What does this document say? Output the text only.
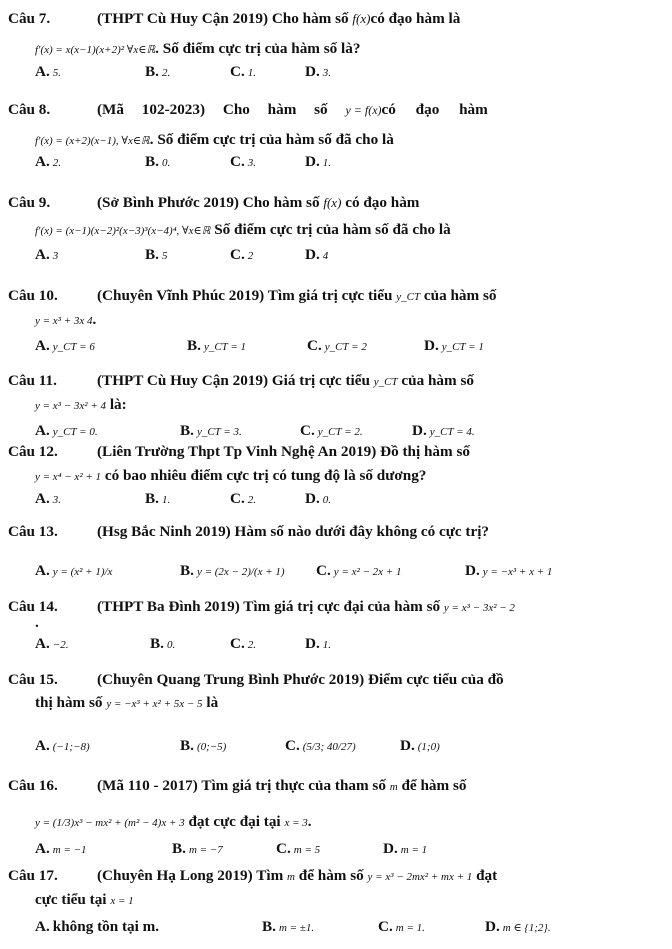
Câu 7.	(THPT Cù Huy Cận 2019) Cho hàm số f(x)có đạo hàm là
f′(x) = x(x−1)(x+2)² ∀x∈ℝ. Số điểm cực trị của hàm số là?
A. 5.	B. 2.	C. 1.	D. 3.
Câu 8.	(Mã 102-2023) Cho hàm số y = f(x)có đạo hàm
f′(x) = (x+2)(x−1), ∀x∈ℝ. Số điểm cực trị của hàm số đã cho là
A. 2.	B. 0.	C. 3.	D. 1.
Câu 9.	(Sở Bình Phước 2019) Cho hàm số f(x) có đạo hàm
f′(x) = (x−1)(x−2)²(x−3)³(x−4)⁴, ∀x∈ℝ Số điểm cực trị của hàm số đã cho là
A. 3	B. 5	C. 2	D. 4
Câu 10.	(Chuyên Vĩnh Phúc 2019) Tìm giá trị cực tiểu y_CT của hàm số
y = x³ + 3x 4.
A. y_CT = 6	B. y_CT = 1	C. y_CT = 2	D. y_CT = 1
Câu 11.	(THPT Cù Huy Cận 2019) Giá trị cực tiểu y_CT của hàm số
y = x³ − 3x² + 4 là:
A. y_CT = 0.	B. y_CT = 3.	C. y_CT = 2.	D. y_CT = 4.
Câu 12.	(Liên Trường Thpt Tp Vinh Nghệ An 2019) Đồ thị hàm số
y = x⁴ − x² + 1 có bao nhiêu điểm cực trị có tung độ là số dương?
A. 3.	B. 1.	C. 2.	D. 0.
Câu 13.	(Hsg Bắc Ninh 2019) Hàm số nào dưới đây không có cực trị?
A. y = (x² + 1)/x	B. y = (2x − 2)/(x + 1) C. y = x² − 2x + 1	D. y = −x³ + x + 1
Câu 14.	(THPT Ba Đình 2019) Tìm giá trị cực đại của hàm số y = x³ − 3x² − 2
.
A. −2.	B. 0.	C. 2.	D. 1.
Câu 15.	(Chuyên Quang Trung Bình Phước 2019) Điểm cực tiểu của đồ
thị hàm số y = −x³ + x² + 5x − 5 là
A. (−1;−8)	B. (0;−5)	C. (5/3; 40/27)	D. (1;0)
Câu 16.	(Mã 110 - 2017) Tìm giá trị thực của tham số m để hàm số
y = (1/3)x³ − mx² + (m² − 4)x + 3 đạt cực đại tại x = 3.
A. m = −1	B. m = −7	C. m = 5	D. m = 1
Câu 17.	(Chuyên Hạ Long 2019) Tìm m để hàm số y = x³ − 2mx² + mx + 1 đạt
cực tiểu tại x = 1
A. không tồn tại m.	B. m = ±1.	C. m = 1.	D. m ∈ {1;2}.
